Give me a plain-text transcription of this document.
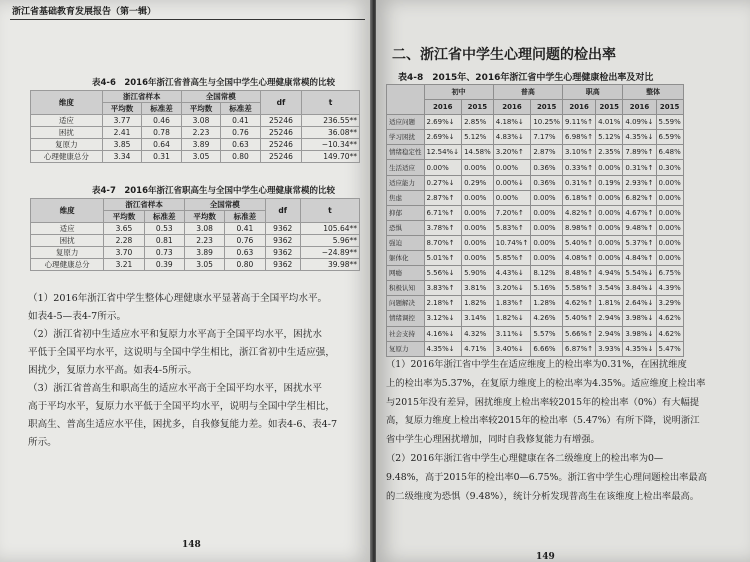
浙江省基础教育发展报告（第一辑）
表4-6　2016年浙江省普高生与全国中学生心理健康常模的比较
维度	浙江省样本		全国常模		df	t
	平均数	标准差	平均数	标准差		
适应	3.77	0.46	3.08	0.41	25246	236.55**
困扰	2.41	0.78	2.23	0.76	25246	36.08**
复原力	3.85	0.64	3.89	0.63	25246	−10.34**
心理健康总分	3.34	0.31	3.05	0.80	25246	149.70**
表4-7　2016年浙江省职高生与全国中学生心理健康常模的比较
维度	浙江省样本		全国常模		df	t
	平均数	标准差	平均数	标准差		
适应	3.65	0.53	3.08	0.41	9362	105.64**
困扰	2.28	0.81	2.23	0.76	9362	5.96**
复原力	3.70	0.73	3.89	0.63	9362	−24.89**
心理健康总分	3.21	0.39	3.05	0.80	9362	39.98**
（1）2016年浙江省中学生整体心理健康水平显著高于全国平均水平。
如表4-5—表4-7所示。
（2）浙江省初中生适应水平和复原力水平高于全国平均水平，困扰水
平低于全国平均水平，这说明与全国中学生相比，浙江省初中生适应强，
困扰少，复原力水平高。如表4-5所示。
（3）浙江省普高生和职高生的适应水平高于全国平均水平，困扰水平
高于平均水平，复原力水平低于全国平均水平，说明与全国中学生相比，
职高生、普高生适应水平佳，困扰多，自我修复能力差。如表4-6、表4-7
所示。
148
二、浙江省中学生心理问题的检出率
表4-8　2015年、2016年浙江省中学生心理健康检出率及对比
	初中		普高		职高		整体	
	2016	2015	2016	2015	2016	2015	2016	2015
适应问题	2.69%↓	2.85%	4.18%↓	10.25%	9.11%↑	4.01%	4.09%↓	5.59%
学习困扰	2.69%↓	5.12%	4.83%↓	7.17%	6.98%↑	5.12%	4.35%↓	6.59%
情绪稳定性	12.54%↓	14.58%	3.20%↑	2.87%	3.10%↑	2.35%	7.89%↑	6.48%
生活适应	0.00%	0.00%	0.00%	0.36%	0.33%↑	0.00%	0.31%↑	0.30%
适应能力	0.27%↓	0.29%	0.00%↓	0.36%	0.31%↑	0.19%	2.93%↑	0.00%
焦虑	2.87%↑	0.00%	0.00%	0.00%	6.18%↑	0.00%	6.82%↑	0.00%
抑郁	6.71%↑	0.00%	7.20%↑	0.00%	4.82%↑	0.00%	4.67%↑	0.00%
恐惧	3.78%↑	0.00%	5.83%↑	0.00%	8.98%↑	0.00%	9.48%↑	0.00%
强迫	8.70%↑	0.00%	10.74%↑	0.00%	5.40%↑	0.00%	5.37%↑	0.00%
躯体化	5.01%↑	0.00%	5.85%↑	0.00%	4.08%↑	0.00%	4.84%↑	0.00%
网瘾	5.56%↓	5.90%	4.43%↓	8.12%	8.48%↑	4.94%	5.54%↓	6.75%
积极认知	3.83%↑	3.81%	3.20%↓	5.16%	5.58%↑	3.54%	3.84%↓	4.39%
问题解决	2.18%↑	1.82%	1.83%↑	1.28%	4.62%↑	1.81%	2.64%↓	3.29%
情绪调控	3.12%↓	3.14%	1.82%↓	4.26%	5.40%↑	2.94%	3.98%↓	4.62%
社会支持	4.16%↓	4.32%	3.11%↓	5.57%	5.66%↑	2.94%	3.98%↓	4.62%
复原力	4.35%↓	4.71%	3.40%↓	6.66%	6.87%↑	3.93%	4.35%↓	5.47%
（1）2016年浙江省中学生在适应维度上的检出率为0.31%，在困扰维度
上的检出率为5.37%，在复原力维度上的检出率为4.35%。适应维度上检出率
与2015年没有差异，困扰维度上检出率较2015年的检出率（0%）有大幅提
高，复原力维度上检出率较2015年的检出率（5.47%）有所下降，说明浙江
省中学生心理困扰增加，同时自我修复能力有增强。
（2）2016年浙江省中学生心理健康在各二级维度上的检出率为0—
9.48%，高于2015年的检出率0—6.75%。浙江省中学生心理问题检出率最高
的二级维度为恐惧（9.48%），统计分析发现普高生在该维度上检出率最高。
149
